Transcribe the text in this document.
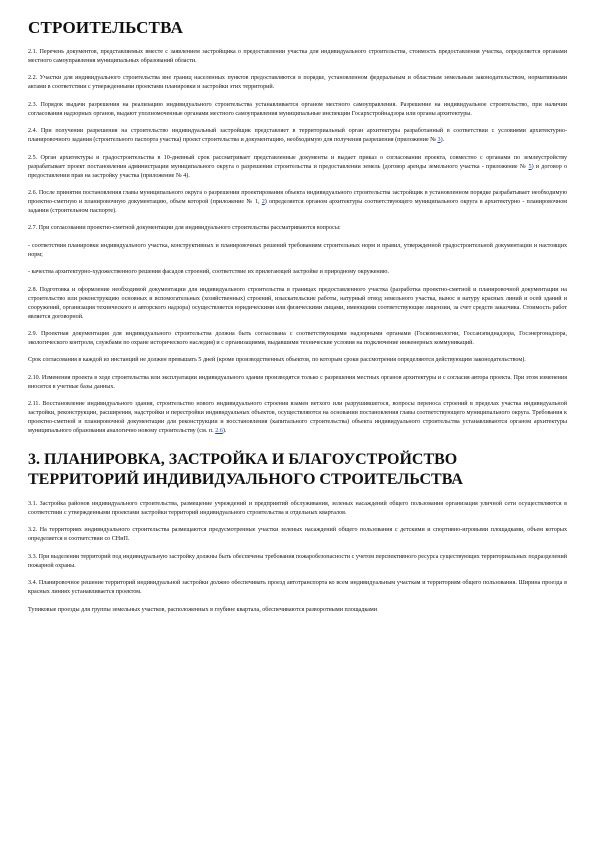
СТРОИТЕЛЬСТВА

2.1. Перечень документов, представляемых вместе с заявлением застройщика о предоставлении участка для индивидуального строительства, стоимость предоставления участка, определяется органами местного самоуправления муниципальных образований области.

2.2. Участки для индивидуального строительства вне границ населенных пунктов предоставляются в порядке, установленном федеральным и областным земельным законодательством, нормативными актами в соответствии с утвержденными проектами планировки и застройки этих территорий.

2.3. Порядок выдачи разрешения на реализацию индивидуального строительства устанавливается органом местного самоуправления. Разрешение на индивидуальное строительство, при наличии согласования надзорных органов, выдают уполномоченные органами местного самоуправления муниципальные инспекции Госархстройнадзора или органы архитектуры.

2.4. При получении разрешения на строительство индивидуальный застройщик представляет в территориальный орган архитектуры разработанный в соответствии с условиями архитектурно-планировочного задания (строительного паспорта участка) проект строительства и документацию, необходимую для получения разрешения (приложение № 3).

2.5. Орган архитектуры и градостроительства в 10-дневный срок рассматривает представленные документы и выдает приказ о согласовании проекта, совместно с органами по землеустройству разрабатывает проект постановления администрации муниципального округа о разрешении строительства и предоставлении земель (договор аренды земельного участка - приложение № 5) и договор о предоставлении прав на застройку участка (приложение № 4).

2.6. После принятия постановления главы муниципального округа о разрешении проектирования объекта индивидуального строительства застройщик в установленном порядке разрабатывает необходимую проектно-сметную и планировочную документацию, объем которой (приложение № 1, 2) определяется органом архитектуры соответствующего муниципального округа в архитектурно - планировочном задании (строительном паспорте).

2.7. При согласовании проектно-сметной документации для индивидуального строительства рассматриваются вопросы:

- соответствия планировки индивидуального участка, конструктивных и планировочных решений требованиям строительных норм и правил, утвержденной градостроительной документации и настоящих норм;

- качества архитектурно-художественного решения фасадов строений, соответствие их прилегающей застройке и природному окружению.

2.8. Подготовка и оформление необходимой документации для индивидуального строительства в границах предоставленного участка (разработка проектно-сметной и планировочной документации на строительство или реконструкцию основных и вспомогательных (хозяйственных) строений, изыскательские работы, натурный отвод земельного участка, вынос в натуру красных линий и осей зданий и сооружений, организация технического и авторского надзора) осуществляется юридическими или физическими лицами, имеющими соответствующие лицензии, за счет средств заказчика. Стоимость работ является договорной.

2.9. Проектная документация для индивидуального строительства должна быть согласована с соответствующими надзорными органами (Госкомэкологии, Госсанэпиднадзора, Госэнергонадзора, экологического контроля, службами по охране исторического наследия) и с организациями, выдавшими технические условия на подключение инженерных коммуникаций.

Срок согласования в каждой из инстанций не должен превышать 5 дней (кроме производственных объектов, по которым сроки рассмотрения определяются действующим законодательством).

2.10. Изменения проекта в ходе строительства или эксплуатации индивидуального здания производятся только с разрешения местных органов архитектуры и с согласия автора проекта. При этом изменения вносятся в учетные базы данных.

2.11. Восстановление индивидуального здания, строительство нового индивидуального строения взамен ветхого или разрушившегося, вопросы переноса строений в пределах участка индивидуальной застройки, реконструкции, расширения, надстройки и перестройки индивидуальных объектов, осуществляются на основании постановления главы соответствующего муниципального округа. Требования к проектно-сметной и планировочной документации для реконструкции и восстановления (капитального строительства) объекта индивидуального строительства устанавливаются органом архитектуры муниципального образования аналогично новому строительству (см. п. 2.6).

3. ПЛАНИРОВКА, ЗАСТРОЙКА И БЛАГОУСТРОЙСТВО ТЕРРИТОРИЙ ИНДИВИДУАЛЬНОГО СТРОИТЕЛЬСТВА

3.1. Застройка районов индивидуального строительства, размещение учреждений и предприятий обслуживания, зеленых насаждений общего пользования организация уличной сети осуществляются в соответствии с утвержденными проектами застройки территорий индивидуального строительства и отдельных кварталов.

3.2. На территориях индивидуального строительства размещаются предусмотренные участки зеленых насаждений общего пользования с детскими и спортивно-игровыми площадками, объем которых определяется в соответствии со СНиП.

3.3. При выделении территорий под индивидуальную застройку должны быть обеспечены требования пожаробезопасности с учетом перспективного ресурса существующих территориальных подразделений пожарной охраны.

3.4. Планировочное решение территорий индивидуальной застройки должно обеспечивать проезд автотранспорта ко всем индивидуальным участкам и территориям общего пользования. Ширина проезда в красных линиях устанавливается проектом.

Тупиковые проезды для группы земельных участков, расположенных в глубине квартала, обеспечиваются разворотными площадками
